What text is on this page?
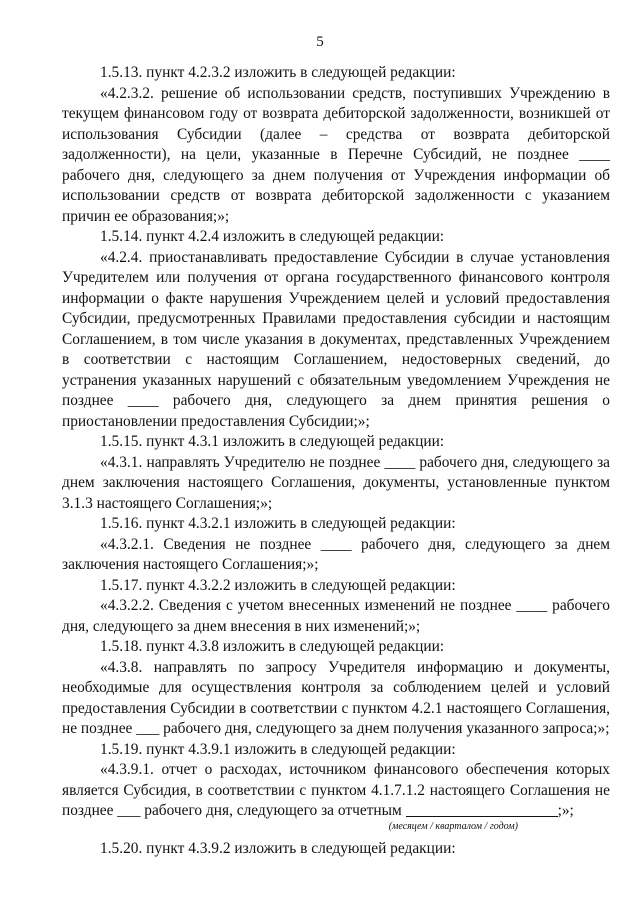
5

1.5.13. пункт 4.2.3.2 изложить в следующей редакции:

«4.2.3.2. решение об использовании средств, поступивших Учреждению в текущем финансовом году от возврата дебиторской задолженности, возникшей от использования Субсидии (далее – средства от возврата дебиторской задолженности), на цели, указанные в Перечне Субсидий, не позднее ____ рабочего дня, следующего за днем получения от Учреждения информации об использовании средств от возврата дебиторской задолженности с указанием причин ее образования;»;

1.5.14. пункт 4.2.4 изложить в следующей редакции:

«4.2.4. приостанавливать предоставление Субсидии в случае установления Учредителем или получения от органа государственного финансового контроля информации о факте нарушения Учреждением целей и условий предоставления Субсидии, предусмотренных Правилами предоставления субсидии и настоящим Соглашением, в том числе указания в документах, представленных Учреждением в соответствии с настоящим Соглашением, недостоверных сведений, до устранения указанных нарушений с обязательным уведомлением Учреждения не позднее ____ рабочего дня, следующего за днем принятия решения о приостановлении предоставления Субсидии;»;

1.5.15. пункт 4.3.1 изложить в следующей редакции:

«4.3.1. направлять Учредителю не позднее ____ рабочего дня, следующего за днем заключения настоящего Соглашения, документы, установленные пунктом 3.1.3 настоящего Соглашения;»;

1.5.16. пункт 4.3.2.1 изложить в следующей редакции:

«4.3.2.1. Сведения не позднее ____ рабочего дня, следующего за днем заключения настоящего Соглашения;»;

1.5.17. пункт 4.3.2.2 изложить в следующей редакции:

«4.3.2.2. Сведения с учетом внесенных изменений не позднее ____ рабочего дня, следующего за днем внесения в них изменений;»;

1.5.18. пункт 4.3.8 изложить в следующей редакции:

«4.3.8. направлять по запросу Учредителя информацию и документы, необходимые для осуществления контроля за соблюдением целей и условий предоставления Субсидии в соответствии с пунктом 4.2.1 настоящего Соглашения, не позднее ___ рабочего дня, следующего за днем получения указанного запроса;»;

1.5.19. пункт 4.3.9.1 изложить в следующей редакции:

«4.3.9.1. отчет о расходах, источником финансового обеспечения которых является Субсидия, в соответствии с пунктом 4.1.7.1.2 настоящего Соглашения не позднее ___ рабочего дня, следующего за отчетным	;»;

(месяцем / кварталом / годом)

1.5.20. пункт 4.3.9.2 изложить в следующей редакции:
